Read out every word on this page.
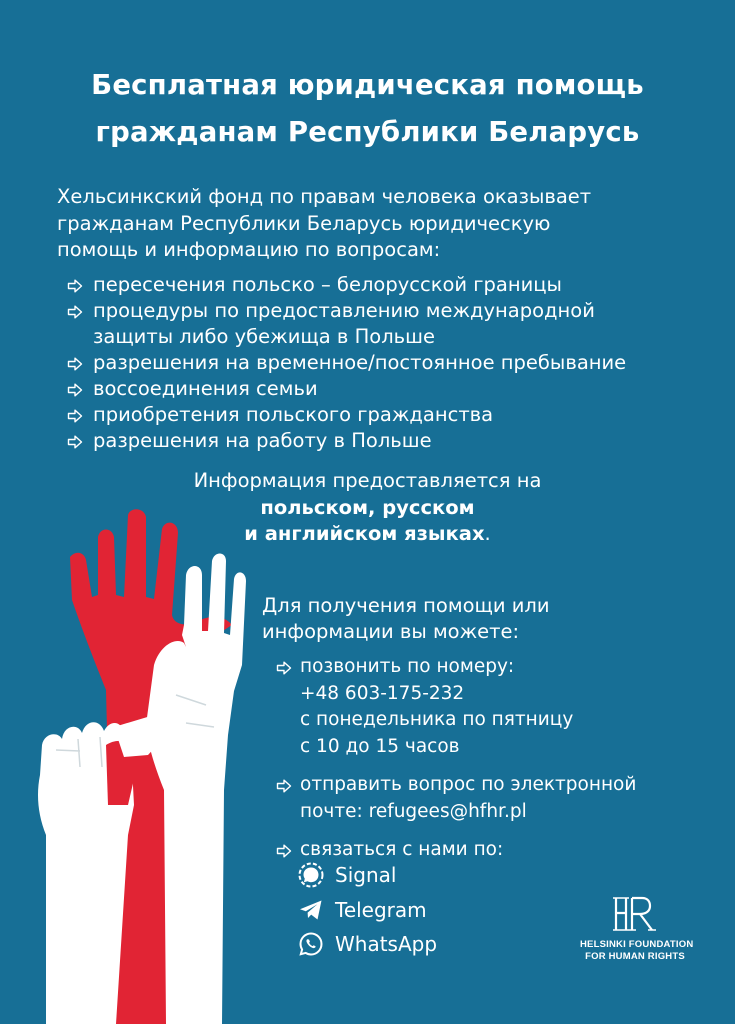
Бесплатная юридическая помощь
гражданам Республики Беларусь
Хельсинкский фонд по правам человека оказывает
гражданам Республики Беларусь юридическую
помощь и информацию по вопросам:
пересечения польско – белорусской границы
процедуры по предоставлению международной
защиты либо убежища в Польше
разрешения на временное/постоянное пребывание
воссоединения семьи
приобретения польского гражданства
разрешения на работу в Польше
Информация предоставляется на
польском, русском
и английском языках.
Для получения помощи или
информации вы можете:
позвонить по номеру:
+48 603-175-232
с понедельника по пятницу
с 10 до 15 часов
отправить вопрос по электронной
почте: refugees@hfhr.pl
связаться с нами по:
Signal
Telegram
WhatsApp	HELSINKI FOUNDATION
FOR HUMAN RIGHTS
